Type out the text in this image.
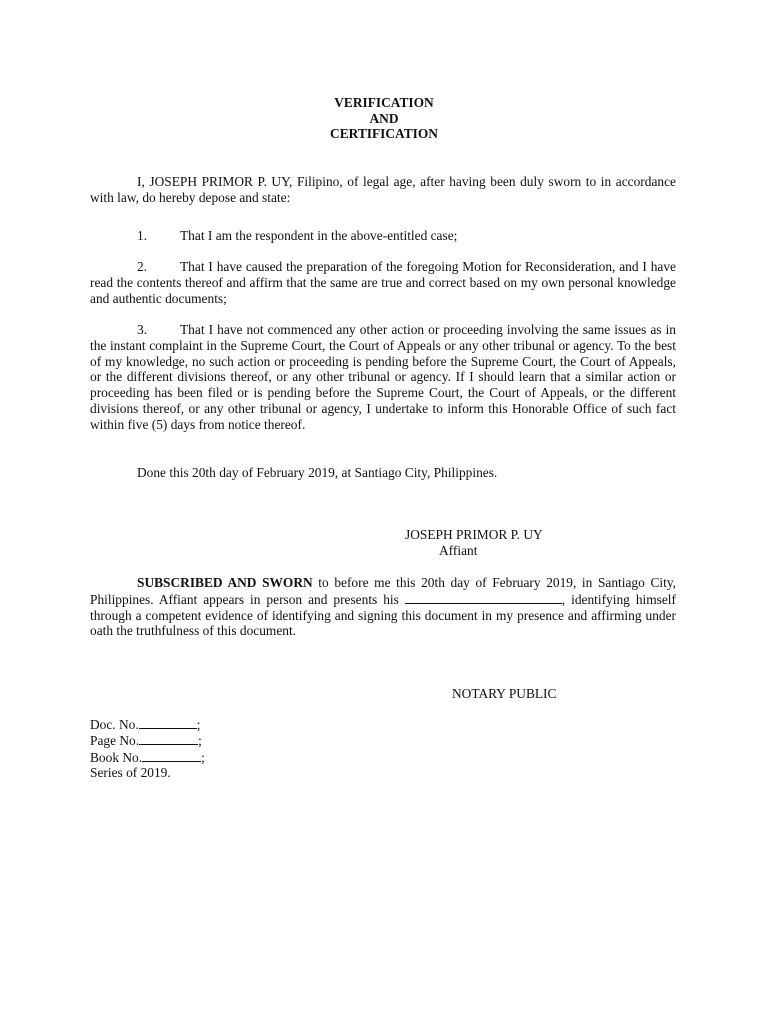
VERIFICATION
AND
CERTIFICATION
I, JOSEPH PRIMOR P. UY, Filipino, of legal age, after having been duly sworn to in accordance with law, do hereby depose and state:
1. That I am the respondent in the above-entitled case;
2. That I have caused the preparation of the foregoing Motion for Reconsideration, and I have read the contents thereof and affirm that the same are true and correct based on my own personal knowledge and authentic documents;
3. That I have not commenced any other action or proceeding involving the same issues as in the instant complaint in the Supreme Court, the Court of Appeals or any other tribunal or agency. To the best of my knowledge, no such action or proceeding is pending before the Supreme Court, the Court of Appeals, or the different divisions thereof, or any other tribunal or agency. If I should learn that a similar action or proceeding has been filed or is pending before the Supreme Court, the Court of Appeals, or the different divisions thereof, or any other tribunal or agency, I undertake to inform this Honorable Office of such fact within five (5) days from notice thereof.
Done this 20th day of February 2019, at Santiago City, Philippines.
JOSEPH PRIMOR P. UY
Affiant
SUBSCRIBED AND SWORN to before me this 20th day of February 2019, in Santiago City, Philippines. Affiant appears in person and presents his	, identifying himself through a competent evidence of identifying and signing this document in my presence and affirming under oath the truthfulness of this document.
NOTARY PUBLIC
Doc. No.	;
Page No.	;
Book No.	;
Series of 2019.
